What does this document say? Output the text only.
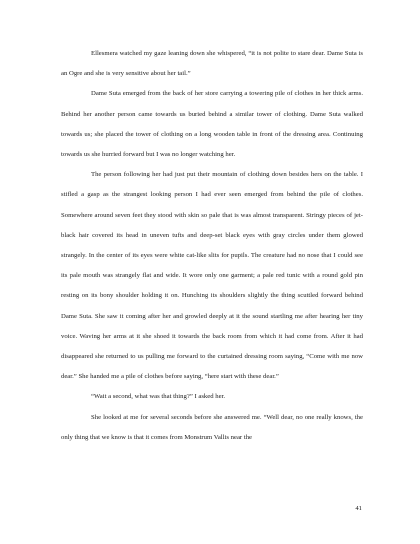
Ellesmera watched my gaze leaning down she whispered, “it is not polite to stare dear. Dame Suta is an Ogre and she is very sensitive about her tail.”

Dame Suta emerged from the back of her store carrying a towering pile of clothes in her thick arms. Behind her another person came towards us buried behind a similar tower of clothing. Dame Suta walked towards us; she placed the tower of clothing on a long wooden table in front of the dressing area. Continuing towards us she hurried forward but I was no longer watching her.

The person following her had just put their mountain of clothing down besides hers on the table. I stifled a gasp as the strangest looking person I had ever seen emerged from behind the pile of clothes. Somewhere around seven feet they stood with skin so pale that is was almost transparent. Stringy pieces of jet-black hair covered its head in uneven tufts and deep-set black eyes with gray circles under them glowed strangely. In the center of its eyes were white cat-like slits for pupils. The creature had no nose that I could see its pale mouth was strangely flat and wide. It wore only one garment; a pale red tunic with a round gold pin resting on its bony shoulder holding it on. Hunching its shoulders slightly the thing scuttled forward behind Dame Suta. She saw it coming after her and growled deeply at it the sound startling me after hearing her tiny voice. Waving her arms at it she shoed it towards the back room from which it had come from. After it had disappeared she returned to us pulling me forward to the curtained dressing room saying, “Come with me now dear.” She handed me a pile of clothes before saying, “here start with these dear.”

“Wait a second, what was that thing?” I asked her.

She looked at me for several seconds before she answered me. “Well dear, no one really knows, the only thing that we know is that it comes from Monstrum Vallis near the

41
